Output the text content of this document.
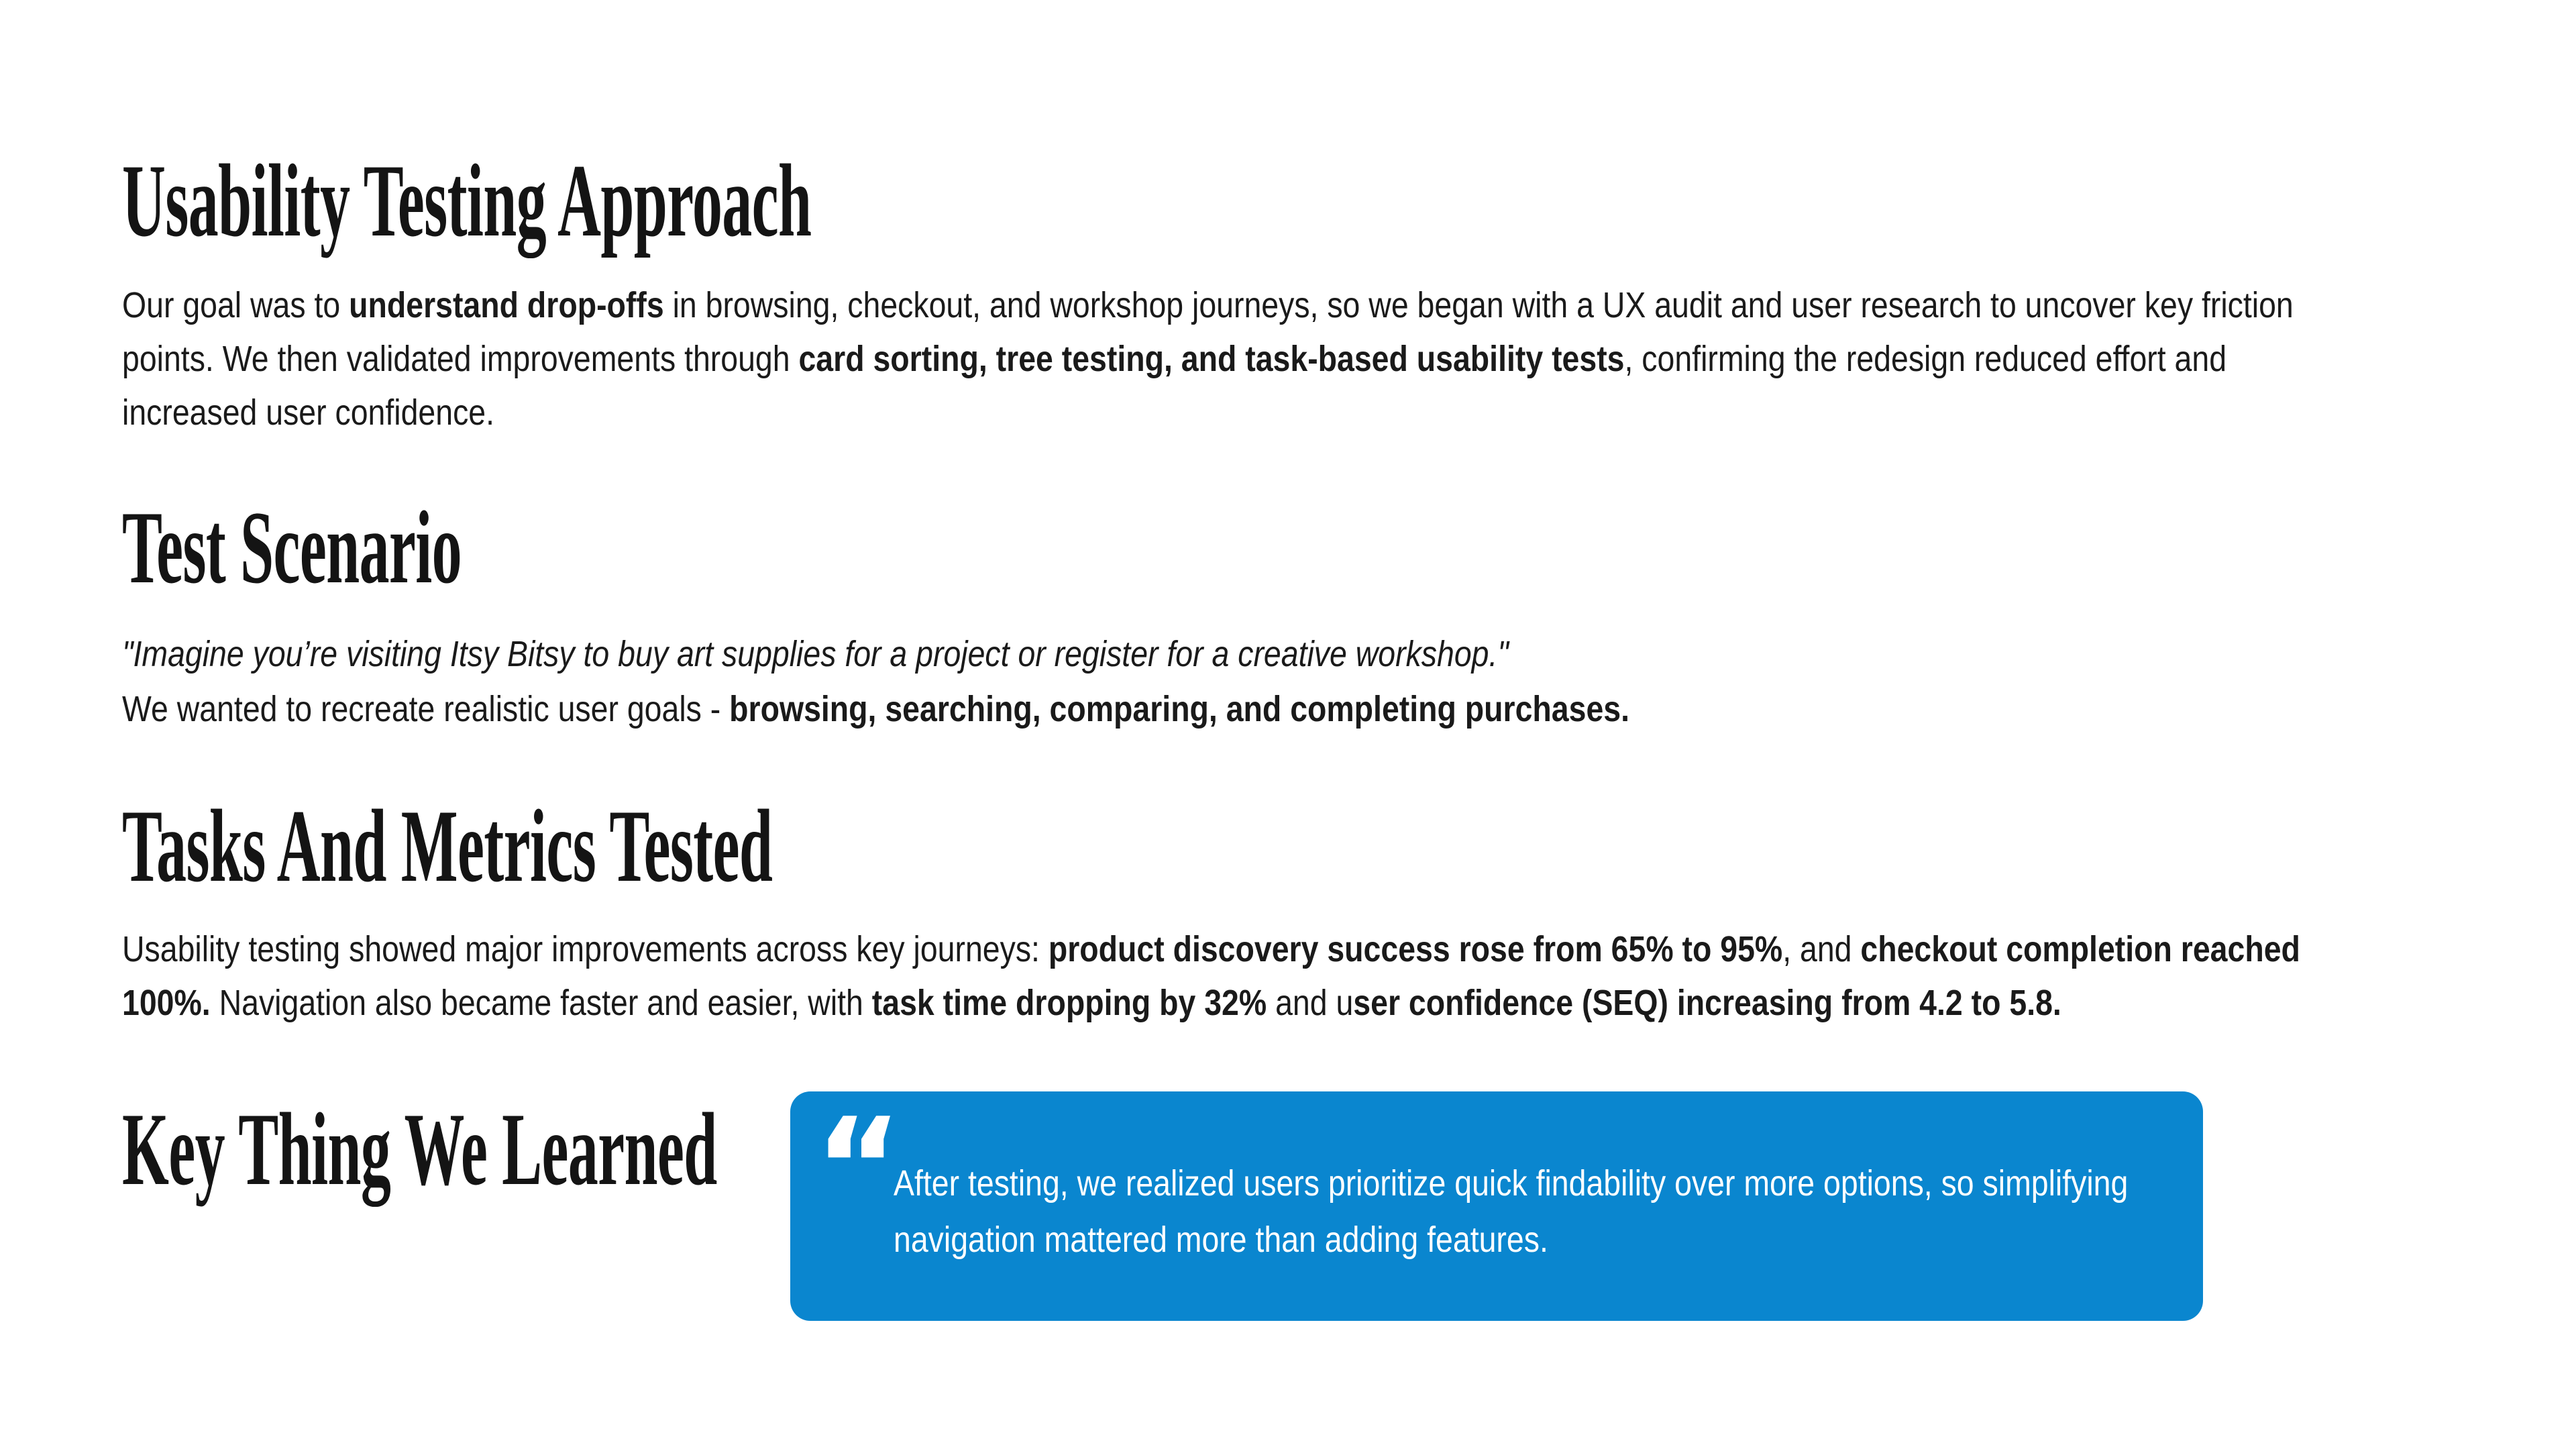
Usability Testing Approach
Our goal was to understand drop-offs in browsing, checkout, and workshop journeys, so we began with a UX audit and user research to uncover key friction
points. We then validated improvements through card sorting, tree testing, and task-based usability tests, confirming the redesign reduced effort and
increased user confidence.
Test Scenario
"Imagine you’re visiting Itsy Bitsy to buy art supplies for a project or register for a creative workshop."
We wanted to recreate realistic user goals - browsing, searching, comparing, and completing purchases.
Tasks And Metrics Tested
Usability testing showed major improvements across key journeys: product discovery success rose from 65% to 95%, and checkout completion reached
100%. Navigation also became faster and easier, with task time dropping by 32% and user confidence (SEQ) increasing from 4.2 to 5.8.
Key Thing We Learned “
After testing, we realized users prioritize quick findability over more options, so simplifying navigation mattered more than adding features.
